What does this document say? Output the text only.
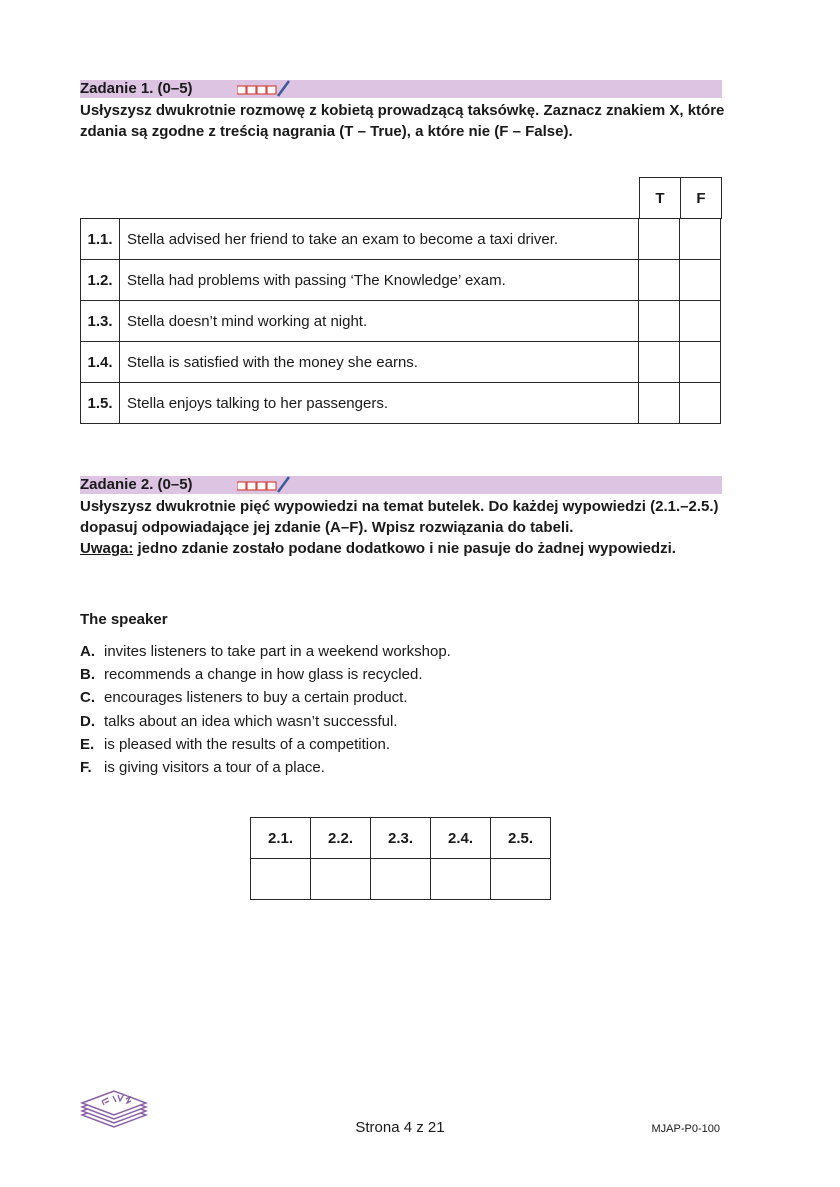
Zadanie 1. (0–5)

Usłyszysz dwukrotnie rozmowę z kobietą prowadzącą taksówkę. Zaznacz znakiem X, które zdania są zgodne z treścią nagrania (T – True), a które nie (F – False).

T	F
1.1.	Stella advised her friend to take an exam to become a taxi driver.		
1.2.	Stella had problems with passing ‘The Knowledge’ exam.		
1.3.	Stella doesn’t mind working at night.		
1.4.	Stella is satisfied with the money she earns.		
1.5.	Stella enjoys talking to her passengers.		
Zadanie 2. (0–5)

Usłyszysz dwukrotnie pięć wypowiedzi na temat butelek. Do każdej wypowiedzi (2.1.–2.5.) dopasuj odpowiadające jej zdanie (A–F). Wpisz rozwiązania do tabeli.

Uwaga: jedno zdanie zostało podane dodatkowo i nie pasuje do żadnej wypowiedzi.

The speaker
A. invites listeners to take part in a weekend workshop.
B. recommends a change in how glass is recycled.
C. encourages listeners to buy a certain product.
D. talks about an idea which wasn’t successful.
E. is pleased with the results of a competition.
F. is giving visitors a tour of a place.
2.1.	2.2.	2.3.	2.4.	2.5.

Strona 4 z 21	MJAP-P0-100
